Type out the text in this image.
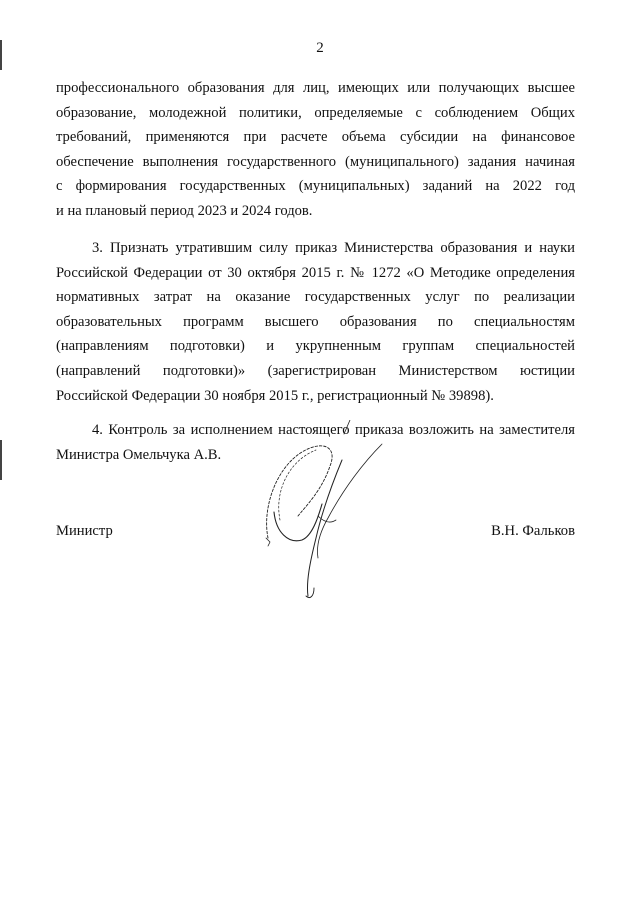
2
профессионального образования для лиц, имеющих или получающих высшее
образование, молодежной политики, определяемые с соблюдением Общих
требований, применяются при расчете объема субсидии на финансовое
обеспечение выполнения государственного (муниципального) задания начиная
с формирования государственных (муниципальных) заданий на 2022 год
и на плановый период 2023 и 2024 годов.
3. Признать утратившим силу приказ Министерства образования и науки
Российской Федерации от 30 октября 2015 г. № 1272 «О Методике определения
нормативных затрат на оказание государственных услуг по реализации
образовательных программ высшего образования по специальностям
(направлениям подготовки) и укрупненным группам специальностей
(направлений подготовки)» (зарегистрирован Министерством юстиции
Российской Федерации 30 ноября 2015 г., регистрационный № 39898).
4. Контроль за исполнением настоящего приказа возложить на заместителя
Министра Омельчука А.В.
Министр	В.Н. Фальков
